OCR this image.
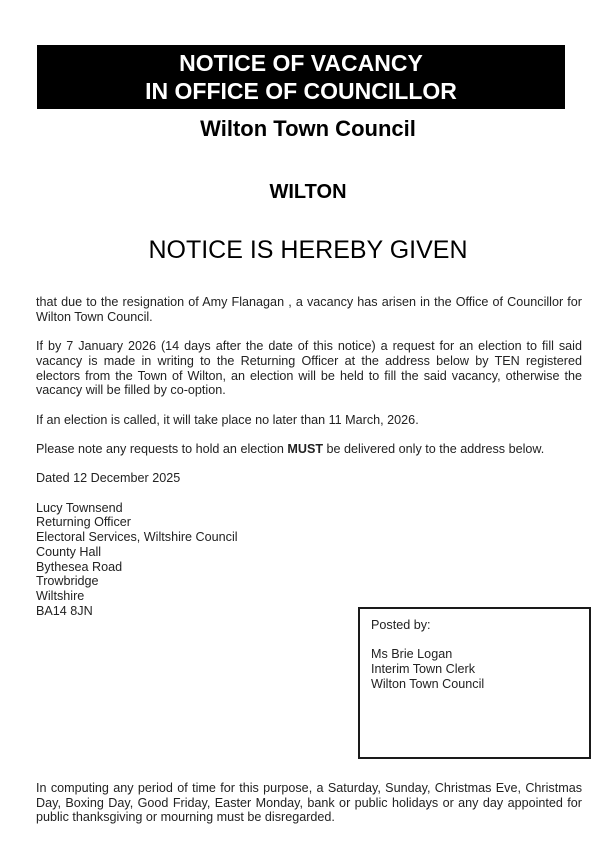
NOTICE OF VACANCY
IN OFFICE OF COUNCILLOR
Wilton Town Council
WILTON
NOTICE IS HEREBY GIVEN

that due to the resignation of Amy Flanagan , a vacancy has arisen in the Office of Councillor for Wilton Town Council.

If by 7 January 2026 (14 days after the date of this notice) a request for an election to fill said vacancy is made in writing to the Returning Officer at the address below by TEN registered electors from the Town of Wilton, an election will be held to fill the said vacancy, otherwise the vacancy will be filled by co-option.

If an election is called, it will take place no later than 11 March, 2026.

Please note any requests to hold an election MUST be delivered only to the address below.

Dated 12 December 2025

Lucy Townsend
Returning Officer
Electoral Services, Wiltshire Council
County Hall
Bythesea Road
Trowbridge
Wiltshire
BA14 8JN
Posted by:
Ms Brie Logan
Interim Town Clerk
Wilton Town Council

In computing any period of time for this purpose, a Saturday, Sunday, Christmas Eve, Christmas Day, Boxing Day, Good Friday, Easter Monday, bank or public holidays or any day appointed for public thanksgiving or mourning must be disregarded.
